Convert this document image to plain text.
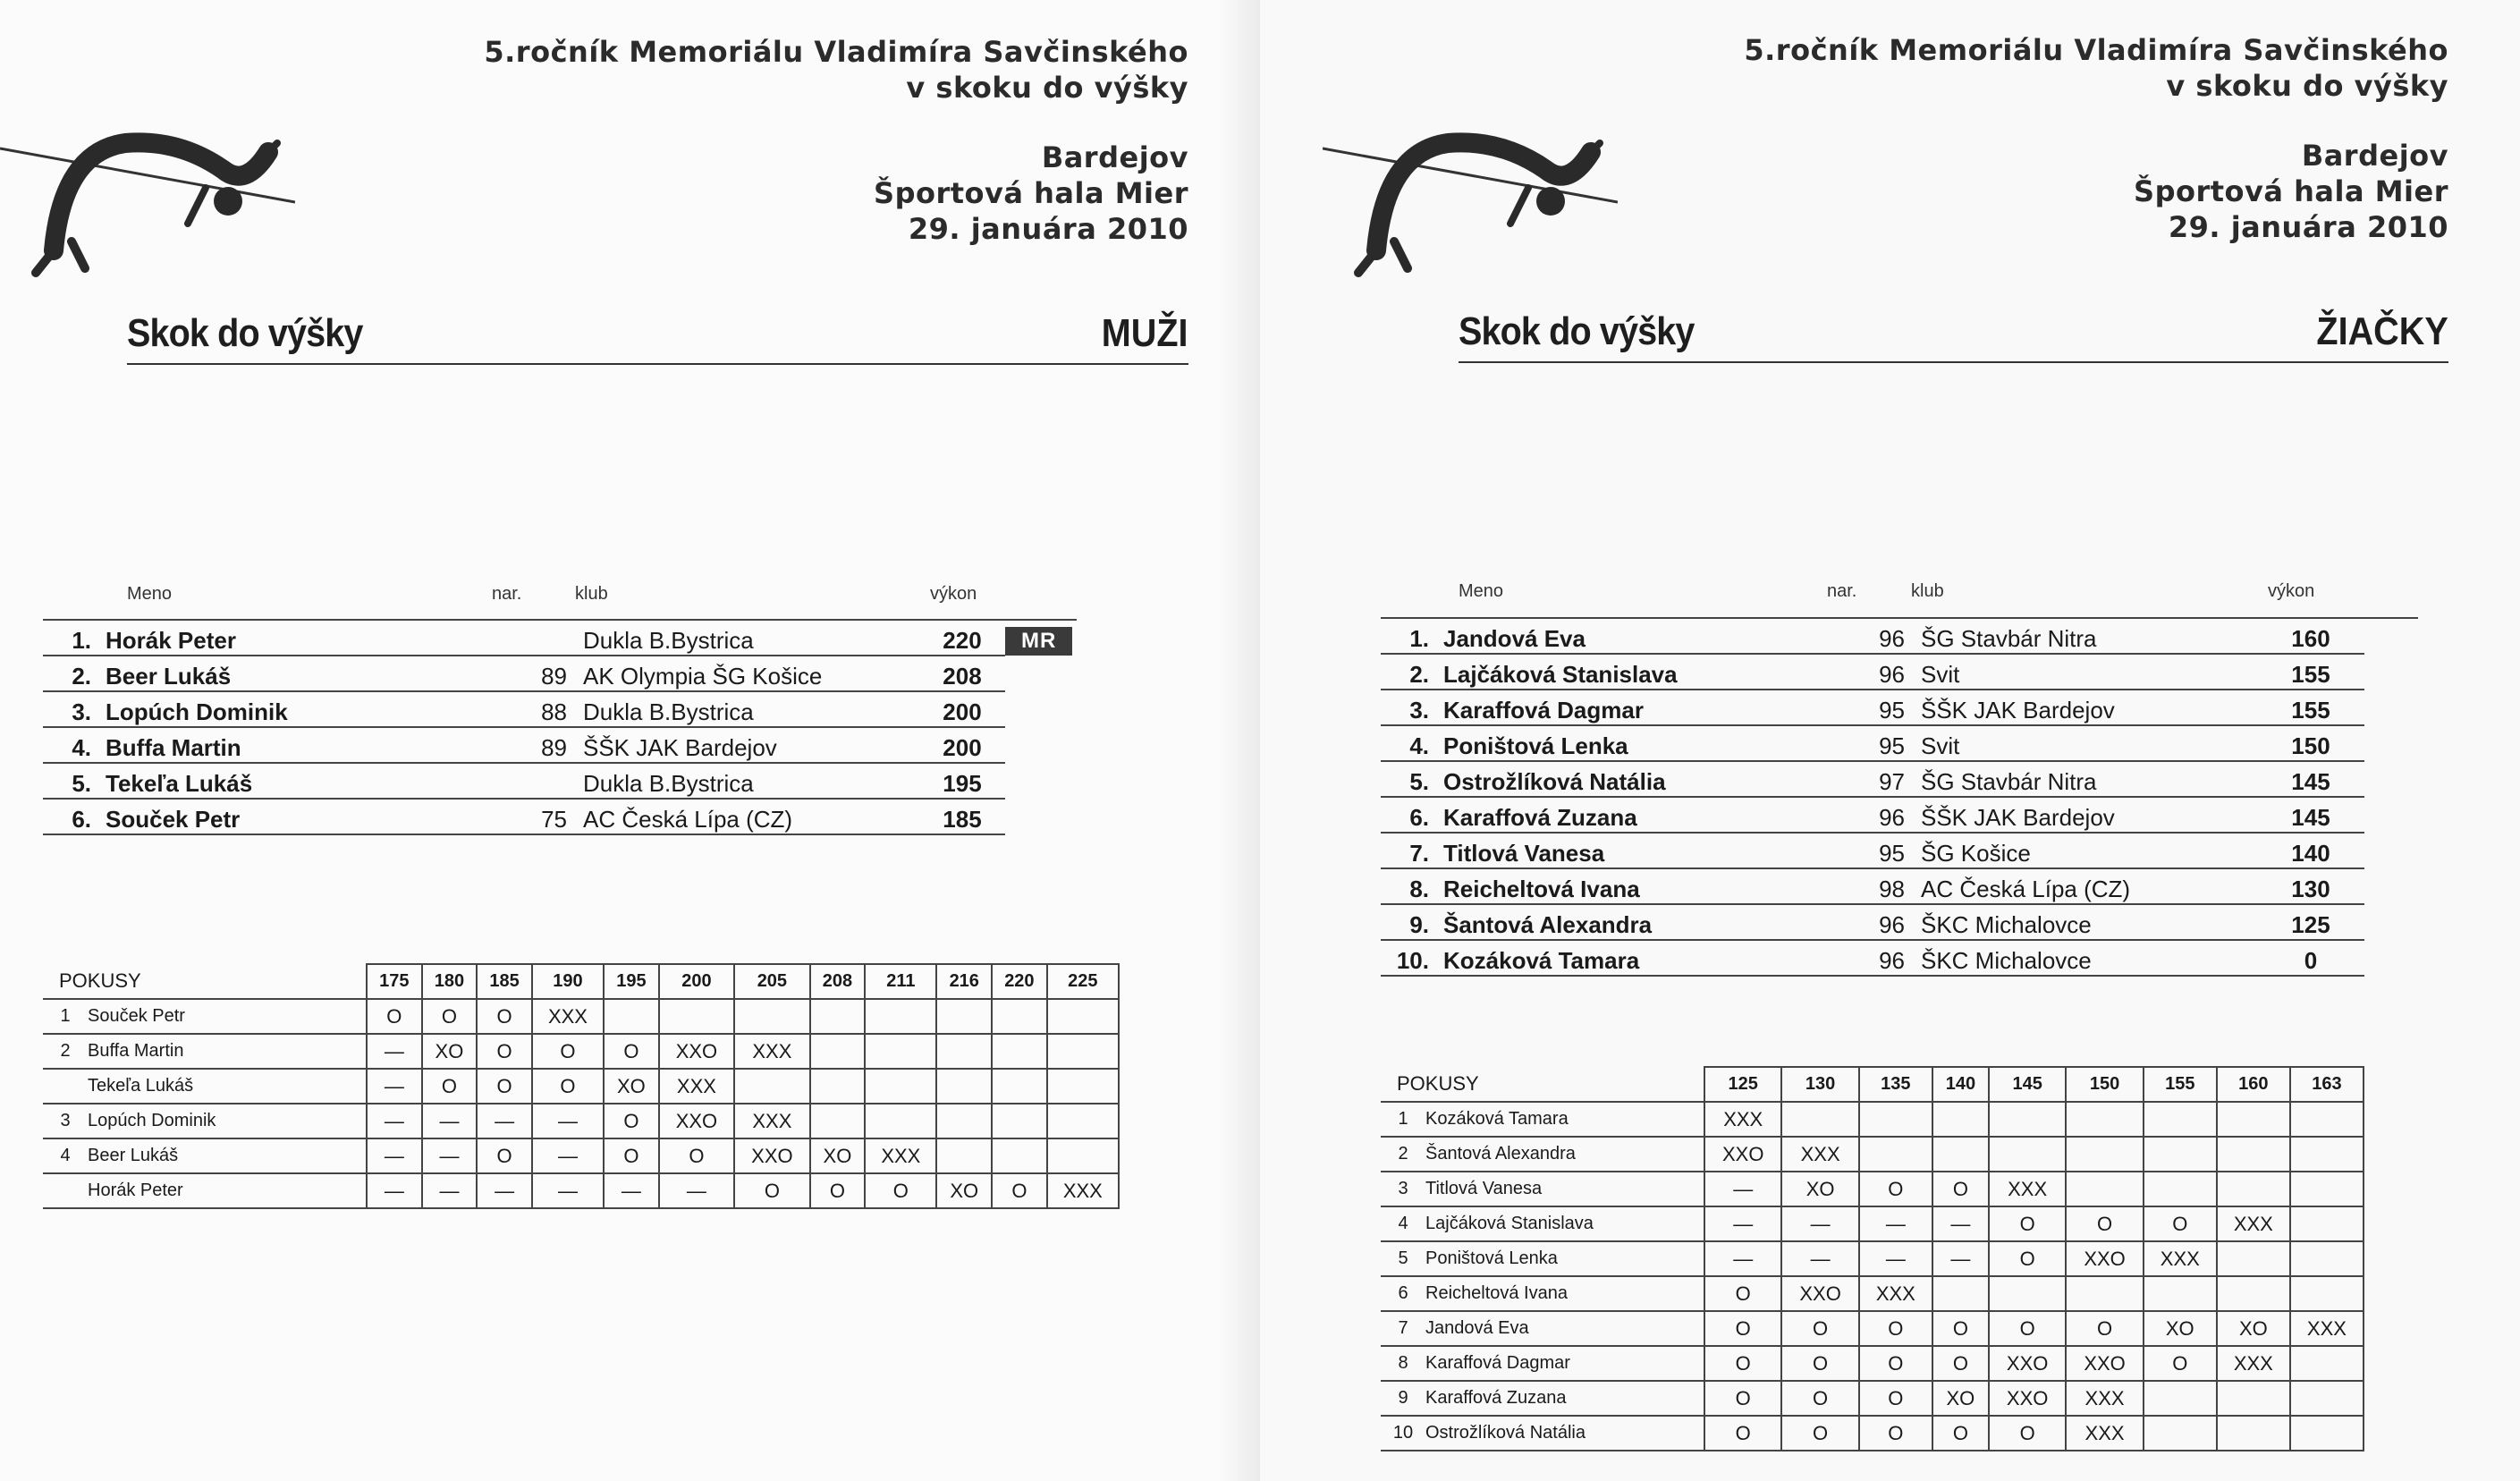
5.ročník Memoriálu Vladimíra Savčinského
v skoku do výšky
Bardejov
Športová hala Mier
29. januára 2010
Skok do výšky	MUŽI
Meno	nar.	klub	výkon
1.	Horák Peter		Dukla B.Bystrica	220	MR
2.	Beer Lukáš	89	AK Olympia ŠG Košice	208	
3.	Lopúch Dominik	88	Dukla B.Bystrica	200	
4.	Buffa Martin	89	ŠŠK JAK Bardejov	200	
5.	Tekeľa Lukáš		Dukla B.Bystrica	195	
6.	Souček Petr	75	AC Česká Lípa (CZ)	185	
POKUSY	175	180	185	190	195	200	205	208	211	216	220	225
1 Souček Petr	O	O	O	XXX								
2 Buffa Martin	—	XO	O	O	O	XXO	XXX					
Tekeľa Lukáš	—	O	O	O	XO	XXX						
3 Lopúch Dominik	—	—	—	—	O	XXO	XXX					
4 Beer Lukáš	—	—	O	—	O	O	XXO	XO	XXX			
Horák Peter	—	—	—	—	—	—	O	O	O	XO	O	XXX
5.ročník Memoriálu Vladimíra Savčinského
v skoku do výšky
Bardejov
Športová hala Mier
29. januára 2010
Skok do výšky	ŽIAČKY
Meno	nar.	klub	výkon
1.	Jandová Eva	96	ŠG Stavbár Nitra	160	
2.	Lajčáková Stanislava	96	Svit	155	
3.	Karaffová Dagmar	95	ŠŠK JAK Bardejov	155	
4.	Poništová Lenka	95	Svit	150	
5.	Ostrožlíková Natália	97	ŠG Stavbár Nitra	145	
6.	Karaffová Zuzana	96	ŠŠK JAK Bardejov	145	
7.	Titlová Vanesa	95	ŠG Košice	140	
8.	Reicheltová Ivana	98	AC Česká Lípa (CZ)	130	
9.	Šantová Alexandra	96	ŠKC Michalovce	125	
10.	Kozáková Tamara	96	ŠKC Michalovce	0	
POKUSY	125	130	135	140	145	150	155	160	163
1 Kozáková Tamara	XXX								
2 Šantová Alexandra	XXO	XXX							
3 Titlová Vanesa	—	XO	O	O	XXX				
4 Lajčáková Stanislava	—	—	—	—	O	O	O	XXX	
5 Poništová Lenka	—	—	—	—	O	XXO	XXX		
6 Reicheltová Ivana	O	XXO	XXX						
7 Jandová Eva	O	O	O	O	O	O	XO	XO	XXX
8 Karaffová Dagmar	O	O	O	O	XXO	XXO	O	XXX	
9 Karaffová Zuzana	O	O	O	XO	XXO	XXX			
10 Ostrožlíková Natália	O	O	O	O	O	XXX			
